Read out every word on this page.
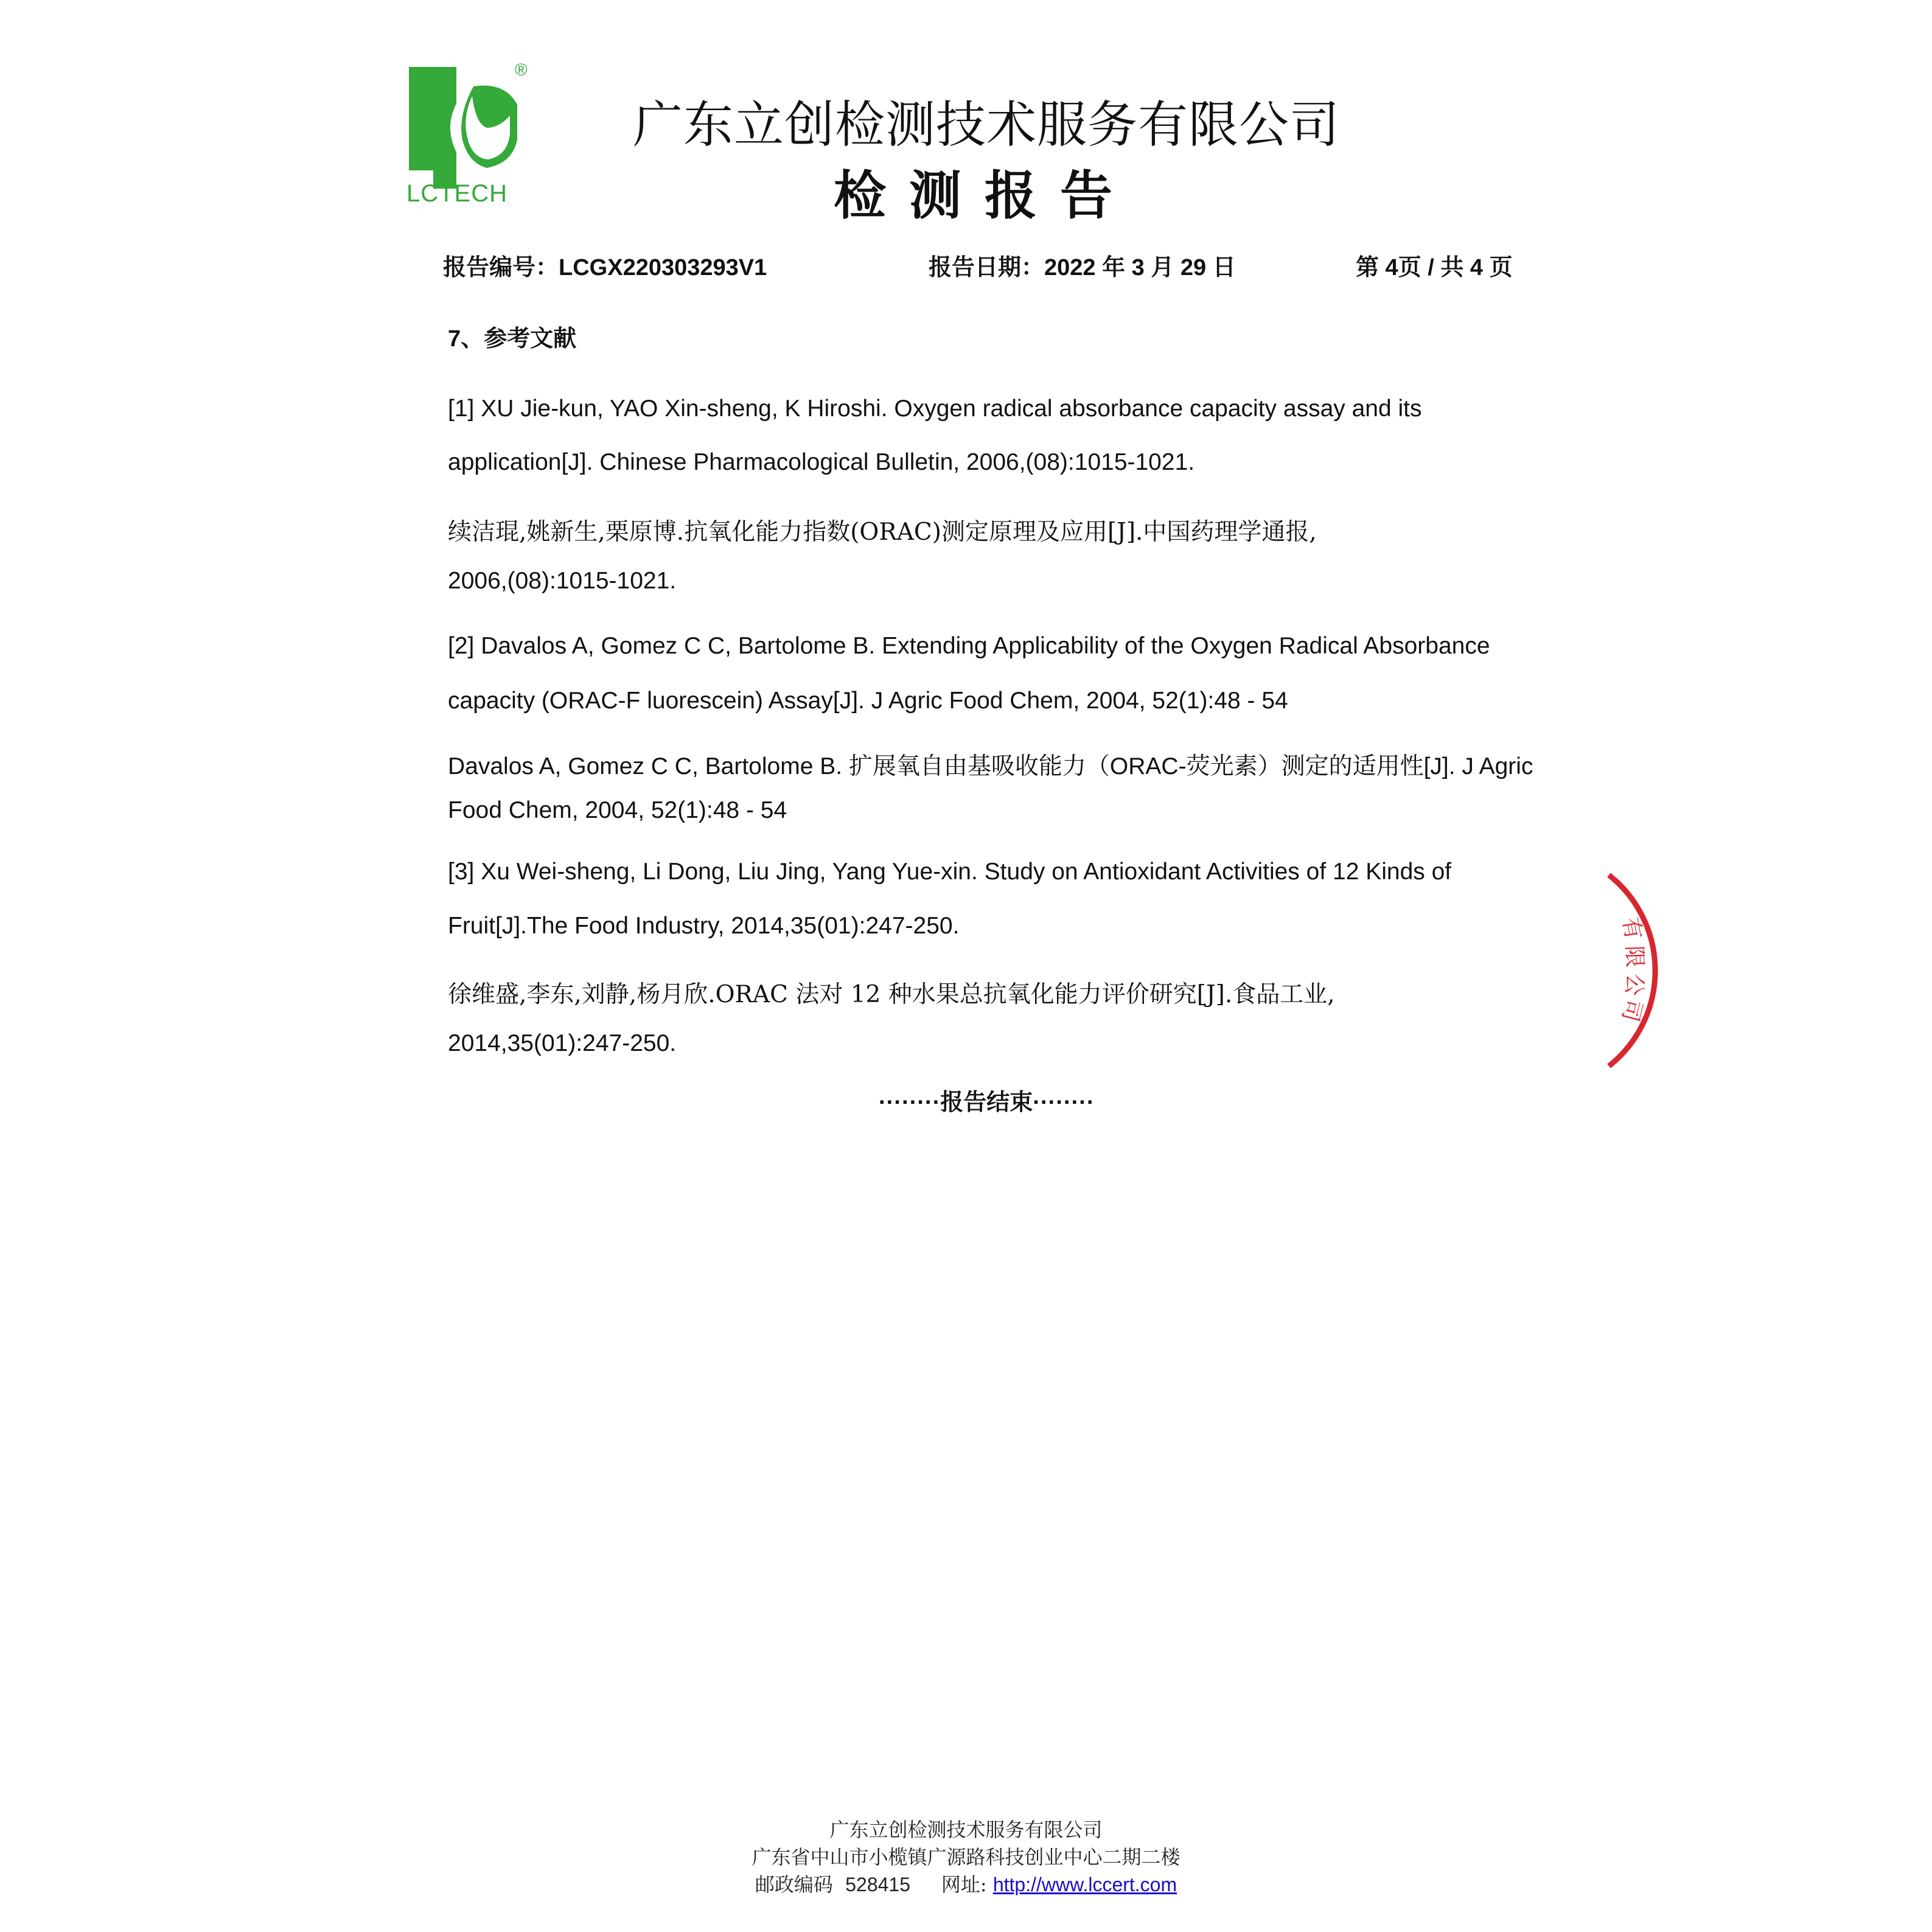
®
LCTECH
广东立创检测技术服务有限公司
检测报告
报告编号：LCGX220303293V1	报告日期：2022 年 3 月 29 日	第 4页 / 共 4 页
7、参考文献
[1] XU Jie-kun, YAO Xin-sheng, K Hiroshi. Oxygen radical absorbance capacity assay and its
application[J]. Chinese Pharmacological Bulletin, 2006,(08):1015-1021.
续洁琨,姚新生,栗原博.抗氧化能力指数(ORAC)测定原理及应用[J].中国药理学通报,
2006,(08):1015-1021.
[2] Davalos A, Gomez C C, Bartolome B. Extending Applicability of the Oxygen Radical Absorbance
capacity (ORAC-F luorescein) Assay[J]. J Agric Food Chem, 2004, 52(1):48 - 54
Davalos A, Gomez C C, Bartolome B. 扩展氧自由基吸收能力（ORAC-荧光素）测定的适用性[J]. J Agric
Food Chem, 2004, 52(1):48 - 54
[3] Xu Wei-sheng, Li Dong, Liu Jing, Yang Yue-xin. Study on Antioxidant Activities of 12 Kinds of
Fruit[J].The Food Industry, 2014,35(01):247-250.
徐维盛,李东,刘静,杨月欣.ORAC 法对 12 种水果总抗氧化能力评价研究[J].食品工业,
2014,35(01):247-250.
········报告结束········
有
限
公
司
广东立创检测技术服务有限公司
广东省中山市小榄镇广源路科技创业中心二期二楼
邮政编码 528415 网址: http://www.lccert.com
